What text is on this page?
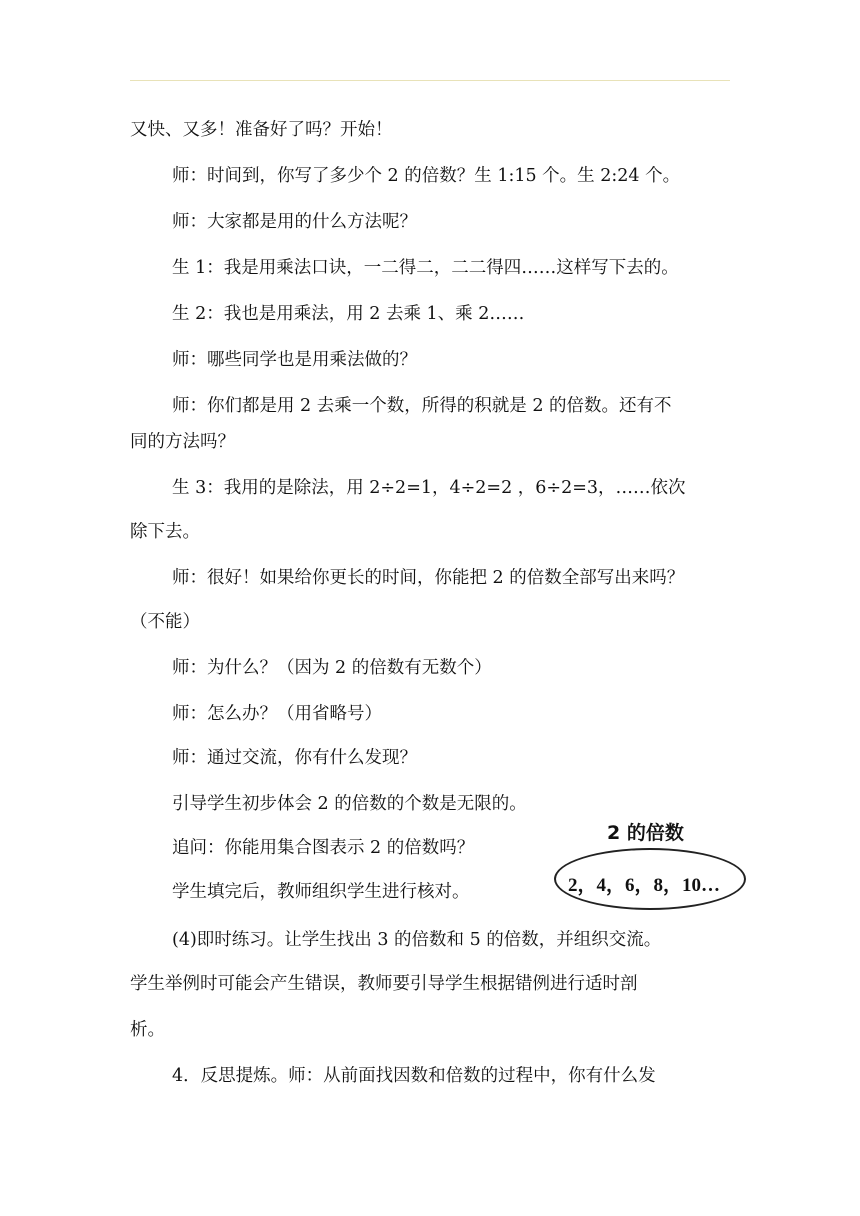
又快、又多！准备好了吗？开始！
师：时间到，你写了多少个 2 的倍数？生 1:15 个。生 2:24 个。
师：大家都是用的什么方法呢？
生 1：我是用乘法口诀，一二得二，二二得四……这样写下去的。
生 2：我也是用乘法，用 2 去乘 1、乘 2……
师：哪些同学也是用乘法做的？
师：你们都是用 2 去乘一个数，所得的积就是 2 的倍数。还有不
同的方法吗？
生 3：我用的是除法，用 2÷2=1，4÷2=2 ，6÷2=3，……依次
除下去。
师：很好！如果给你更长的时间，你能把 2 的倍数全部写出来吗？
（不能）
师：为什么？（因为 2 的倍数有无数个）
师：怎么办？（用省略号）
师：通过交流，你有什么发现？
引导学生初步体会 2 的倍数的个数是无限的。
追问：你能用集合图表示 2 的倍数吗？
学生填完后，教师组织学生进行核对。
(4)即时练习。让学生找出 3 的倍数和 5 的倍数，并组织交流。
学生举例时可能会产生错误，教师要引导学生根据错例进行适时剖
析。
4．反思提炼。师：从前面找因数和倍数的过程中，你有什么发
2 的倍数
2，4，6，8，10…
